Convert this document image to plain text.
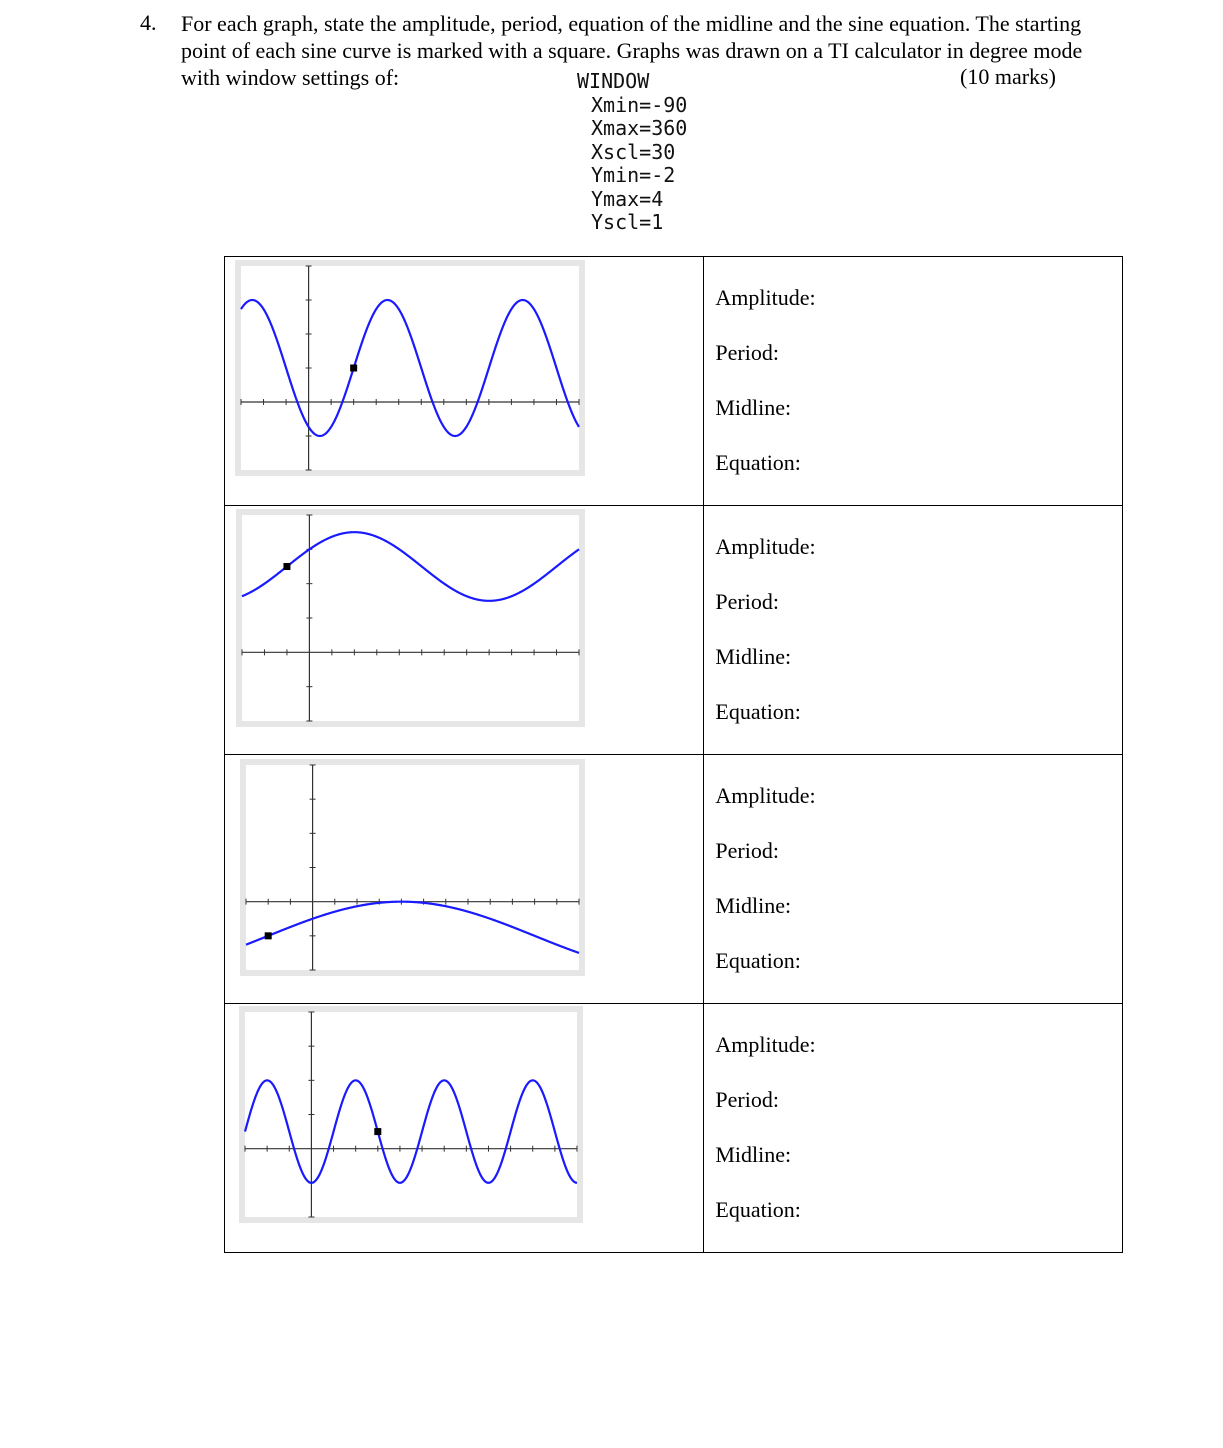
4. For each graph, state the amplitude, period, equation of the midline and the sine equation. The starting point of each sine curve is marked with a square. Graphs was drawn on a TI calculator in degree mode with window settings of:	(10 marks)
WINDOW
Xmin=-90
Xmax=360
Xscl=30
Ymin=-2
Ymax=4
Yscl=1

Amplitude:
Period:
Midline:
Equation:

Amplitude:
Period:
Midline:
Equation:

Amplitude:
Period:
Midline:
Equation:

Amplitude:
Period:
Midline:
Equation:
